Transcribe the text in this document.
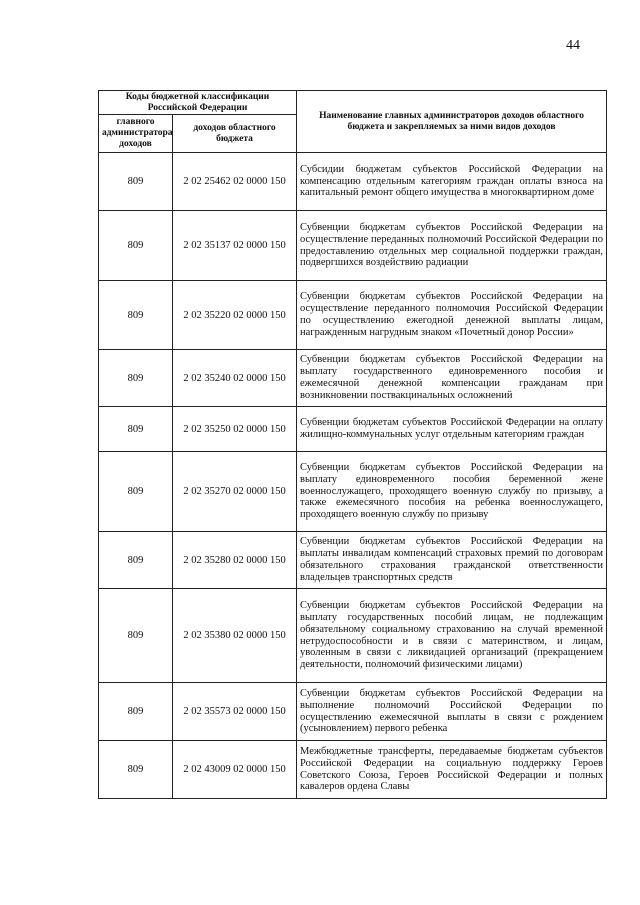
44
Коды бюджетной классификации Российской Федерации		Наименование главных администраторов доходов областного бюджета и закрепляемых за ними видов доходов
главного администратора доходов	доходов областного бюджета	
809	2 02 25462 02 0000 150	Субсидии бюджетам субъектов Российской Федерации на компенсацию отдельным категориям граждан оплаты взноса на капитальный ремонт общего имущества в многоквартирном доме
809	2 02 35137 02 0000 150	Субвенции бюджетам субъектов Российской Федерации на осуществление переданных полномочий Российской Федерации по предоставлению отдельных мер социальной поддержки граждан, подвергшихся воздействию радиации
809	2 02 35220 02 0000 150	Субвенции бюджетам субъектов Российской Федерации на осуществление переданного полномочия Российской Федерации по осуществлению ежегодной денежной выплаты лицам, награжденным нагрудным знаком «Почетный донор России»
809	2 02 35240 02 0000 150	Субвенции бюджетам субъектов Российской Федерации на выплату государственного единовременного пособия и ежемесячной денежной компенсации гражданам при возникновении поствакцинальных осложнений
809	2 02 35250 02 0000 150	Субвенции бюджетам субъектов Российской Федерации на оплату жилищно-коммунальных услуг отдельным категориям граждан
809	2 02 35270 02 0000 150	Субвенции бюджетам субъектов Российской Федерации на выплату единовременного пособия беременной жене военнослужащего, проходящего военную службу по призыву, а также ежемесячного пособия на ребенка военнослужащего, проходящего военную службу по призыву
809	2 02 35280 02 0000 150	Субвенции бюджетам субъектов Российской Федерации на выплаты инвалидам компенсаций страховых премий по договорам обязательного страхования гражданской ответственности владельцев транспортных средств
809	2 02 35380 02 0000 150	Субвенции бюджетам субъектов Российской Федерации на выплату государственных пособий лицам, не подлежащим обязательному социальному страхованию на случай временной нетрудоспособности и в связи с материнством, и лицам, уволенным в связи с ликвидацией организаций (прекращением деятельности, полномочий физическими лицами)
809	2 02 35573 02 0000 150	Субвенции бюджетам субъектов Российской Федерации на выполнение полномочий Российской Федерации по осуществлению ежемесячной выплаты в связи с рождением (усыновлением) первого ребенка
809	2 02 43009 02 0000 150	Межбюджетные трансферты, передаваемые бюджетам субъектов Российской Федерации на социальную поддержку Героев Советского Союза, Героев Российской Федерации и полных кавалеров ордена Славы
